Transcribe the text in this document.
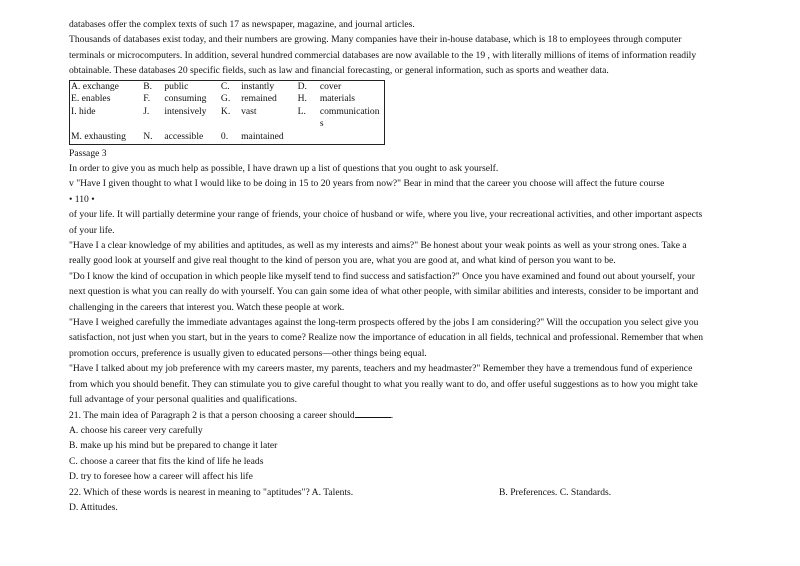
databases offer the complex texts of such 17 as newspaper, magazine, and journal articles.

Thousands of databases exist today, and their numbers are growing. Many companies have their in-house database, which is 18 to employees through computer

terminals or microcomputers. In addition, several hundred commercial databases are now available to the 19 , with literally millions of items of information readily

obtainable. These databases 20 specific fields, such as law and financial forecasting, or general information, such as sports and weather data.

A. exchange	B.	public	C.	instantly	D.	cover
E. enables	F.	consuming	G.	remained	H.	materials
I. hide	J.	intensively	K.	vast	L.	communications
M. exhausting	N.	accessible	0.	maintained		

Passage 3

In order to give you as much help as possible, I have drawn up a list of questions that you ought to ask yourself.

v "Have I given thought to what I would like to be doing in 15 to 20 years from now?" Bear in mind that the career you choose will affect the future course

• 110 •

of your life. It will partially determine your range of friends, your choice of husband or wife, where you live, your recreational activities, and other important aspects

of your life.

"Have I a clear knowledge of my abilities and aptitudes, as well as my interests and aims?" Be honest about your weak points as well as your strong ones. Take a

really good look at yourself and give real thought to the kind of person you are, what you are good at, and what kind of person you want to be.

"Do I know the kind of occupation in which people like myself tend to find success and satisfaction?" Once you have examined and found out about yourself, your

next question is what you can really do with yourself. You can gain some idea of what other people, with similar abilities and interests, consider to be important and

challenging in the careers that interest you. Watch these people at work.

"Have I weighed carefully the immediate advantages against the long-term prospects offered by the jobs I am considering?" Will the occupation you select give you

satisfaction, not just when you start, but in the years to come? Realize now the importance of education in all fields, technical and professional. Remember that when

promotion occurs, preference is usually given to educated persons—other things being equal.

"Have I talked about my job preference with my careers master, my parents, teachers and my headmaster?" Remember they have a tremendous fund of experience

from which you should benefit. They can stimulate you to give careful thought to what you really want to do, and offer useful suggestions as to how you might take

full advantage of your personal qualities and qualifications.

21. The main idea of Paragraph 2 is that a person choosing a career should	.

A. choose his career very carefully

B. make up his mind but be prepared to change it later

C. choose a career that fits the kind of life he leads

D. try to foresee how a career will affect his life

22. Which of these words is nearest in meaning to "aptitudes"? A. Talents.	B. Preferences. C. Standards.

D. Attitudes.
